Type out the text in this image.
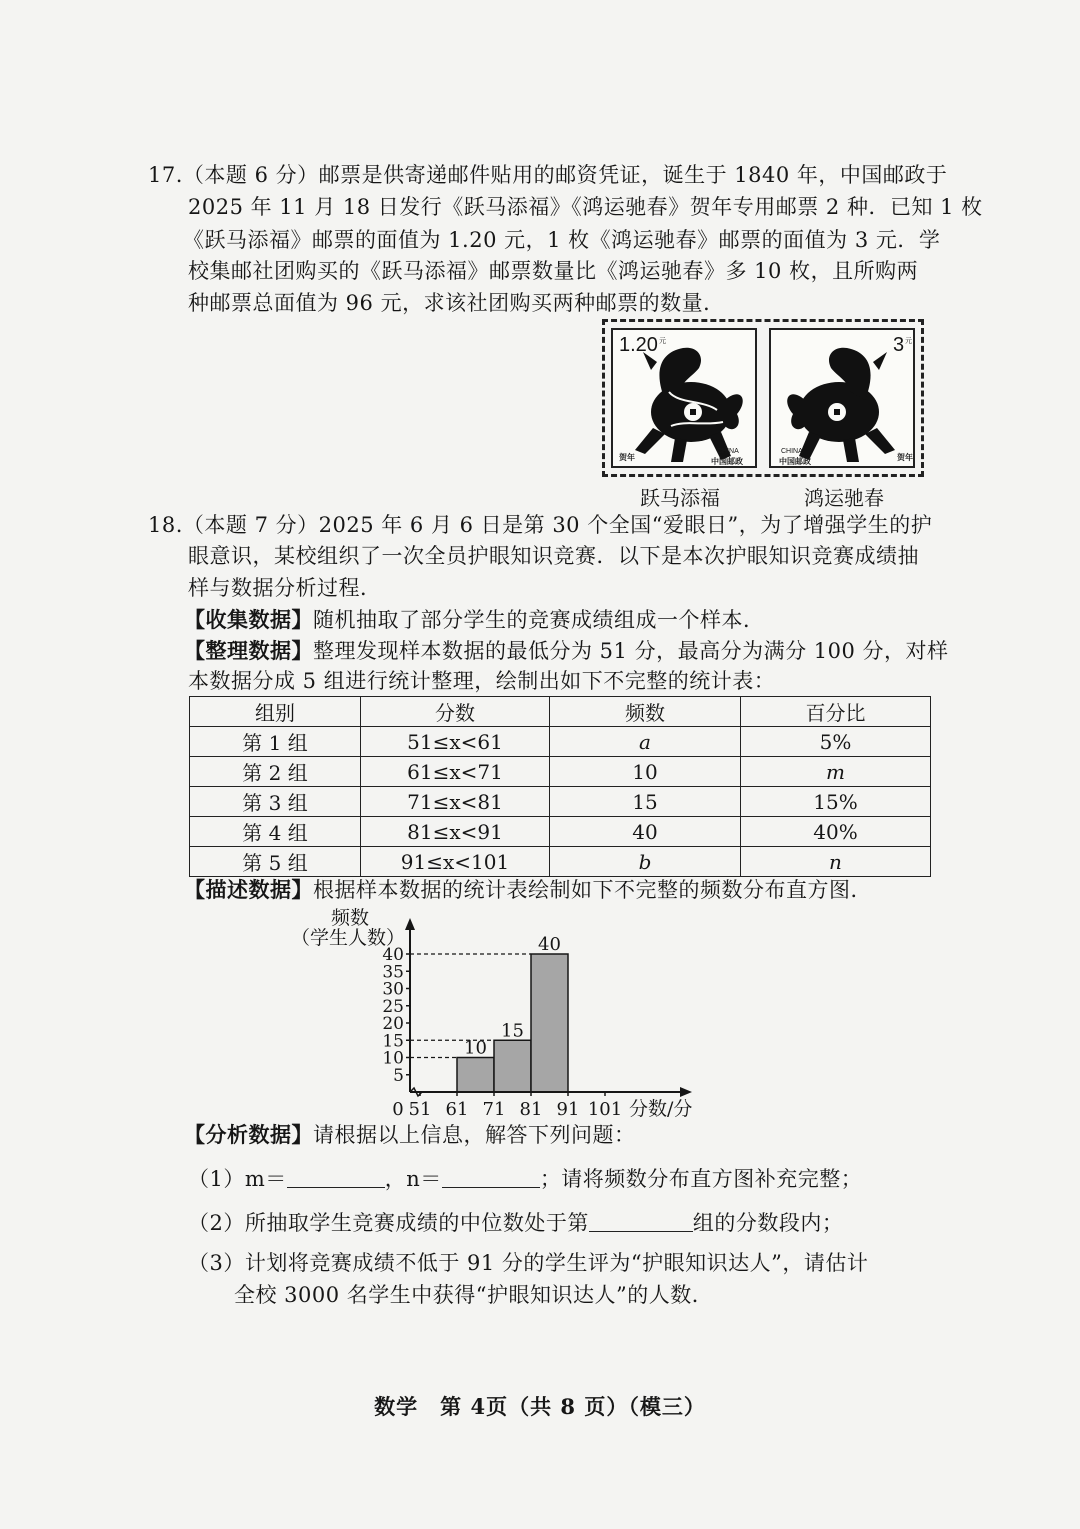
17.（本题 6 分）邮票是供寄递邮件贴用的邮资凭证，诞生于 1840 年，中国邮政于
2025 年 11 月 18 日发行《跃马添福》《鸿运驰春》贺年专用邮票 2 种．已知 1 枚
《跃马添福》邮票的面值为 1.20 元，1 枚《鸿运驰春》邮票的面值为 3 元．学
校集邮社团购买的《跃马添福》邮票数量比《鸿运驰春》多 10 枚，且所购两
种邮票总面值为 96 元，求该社团购买两种邮票的数量．
1.20 元
CHINA
中国邮政
贺年
3 元
CHINA
中国邮政	贺年
跃马添福	鸿运驰春
18.（本题 7 分）2025 年 6 月 6 日是第 30 个全国“爱眼日”，为了增强学生的护
眼意识，某校组织了一次全员护眼知识竞赛．以下是本次护眼知识竞赛成绩抽
样与数据分析过程．
【收集数据】随机抽取了部分学生的竞赛成绩组成一个样本．
【整理数据】整理发现样本数据的最低分为 51 分，最高分为满分 100 分，对样
本数据分成 5 组进行统计整理，绘制出如下不完整的统计表：
组别	分数	频数	百分比
第 1 组	51≤x<61	a	5%
第 2 组	61≤x<71	10	m
第 3 组	71≤x<81	15	15%
第 4 组	81≤x<91	40	40%
第 5 组	91≤x<101	b	n
【描述数据】根据样本数据的统计表绘制如下不完整的频数分布直方图．
频数
（学生人数）
分数/分
0
10
15
40
5
10
15
20
25
30
35
40
51 61 71 81 91 101
【分析数据】请根据以上信息，解答下列问题：
（1）m＝	，n＝	；请将频数分布直方图补充完整；
（2）所抽取学生竞赛成绩的中位数处于第	组的分数段内；
（3）计划将竞赛成绩不低于 91 分的学生评为“护眼知识达人”，请估计
全校 3000 名学生中获得“护眼知识达人”的人数．
数学　第 4页（共 8 页）（模三）
